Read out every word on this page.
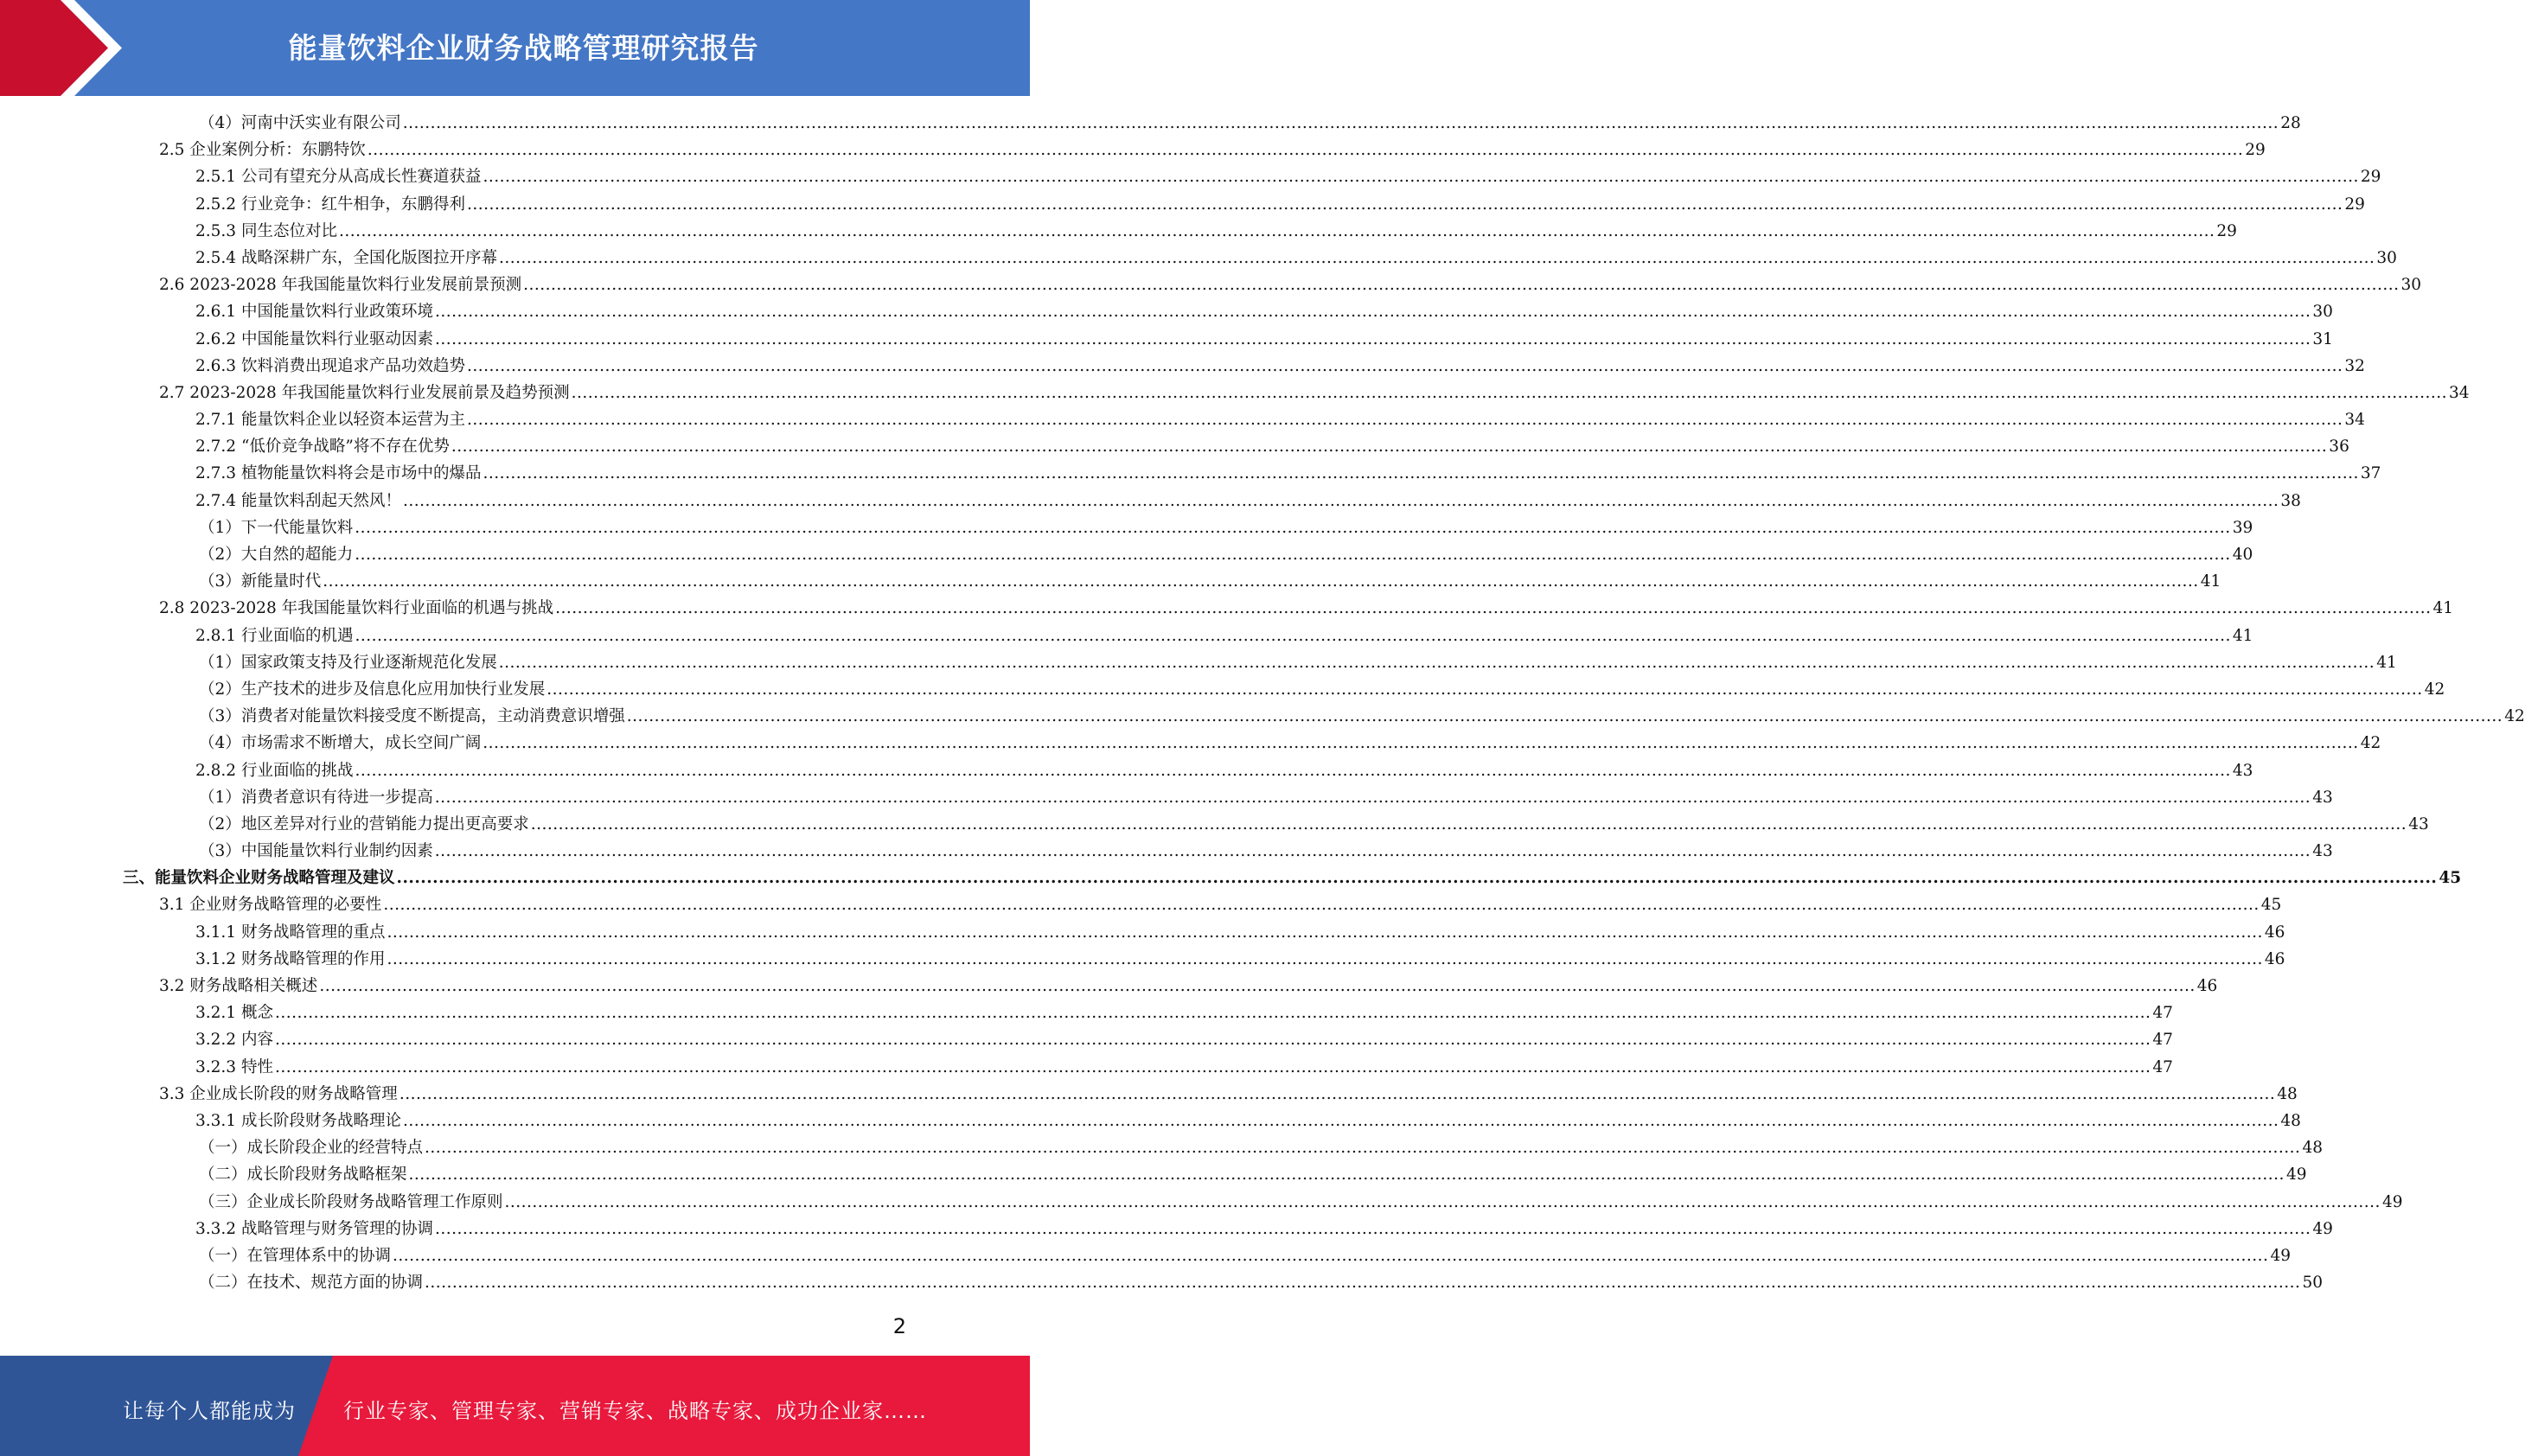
能量饮料企业财务战略管理研究报告
（4）河南中沃实业有限公司 .....	28
2.5 企业案例分析：东鹏特饮 .....	29
2.5.1 公司有望充分从高成长性赛道获益 .....	29
2.5.2 行业竞争：红牛相争，东鹏得利 .....	29
2.5.3 同生态位对比 .....	29
2.5.4 战略深耕广东，全国化版图拉开序幕 .....	30
2.6 2023-2028 年我国能量饮料行业发展前景预测 .....	30
2.6.1 中国能量饮料行业政策环境 .....	30
2.6.2 中国能量饮料行业驱动因素 .....	31
2.6.3 饮料消费出现追求产品功效趋势 .....	32
2.7 2023-2028 年我国能量饮料行业发展前景及趋势预测 .....	34
2.7.1 能量饮料企业以轻资本运营为主 .....	34
2.7.2 “低价竞争战略”将不存在优势 .....	36
2.7.3 植物能量饮料将会是市场中的爆品 .....	37
2.7.4 能量饮料刮起天然风！ .....	38
（1）下一代能量饮料 .....	39
（2）大自然的超能力 .....	40
（3）新能量时代 .....	41
2.8 2023-2028 年我国能量饮料行业面临的机遇与挑战 .....	41
2.8.1 行业面临的机遇 .....	41
（1）国家政策支持及行业逐渐规范化发展 .....	41
（2）生产技术的进步及信息化应用加快行业发展 .....	42
（3）消费者对能量饮料接受度不断提高，主动消费意识增强 .....	42
（4）市场需求不断增大，成长空间广阔 .....	42
2.8.2 行业面临的挑战 .....	43
（1）消费者意识有待进一步提高 .....	43
（2）地区差异对行业的营销能力提出更高要求 .....	43
（3）中国能量饮料行业制约因素 .....	43
三、能量饮料企业财务战略管理及建议 .....	45
3.1 企业财务战略管理的必要性 .....	45
3.1.1 财务战略管理的重点 .....	46
3.1.2 财务战略管理的作用 .....	46
3.2 财务战略相关概述 .....	46
3.2.1 概念 .....	47
3.2.2 内容 .....	47
3.2.3 特性 .....	47
3.3 企业成长阶段的财务战略管理 .....	48
3.3.1 成长阶段财务战略理论 .....	48
（一）成长阶段企业的经营特点 .....	48
（二）成长阶段财务战略框架 .....	49
（三）企业成长阶段财务战略管理工作原则 .....	49
3.3.2 战略管理与财务管理的协调 .....	49
（一）在管理体系中的协调 .....	49
（二）在技术、规范方面的协调 .....	50
2
让每个人都能成为 行业专家、管理专家、营销专家、战略专家、成功企业家……
